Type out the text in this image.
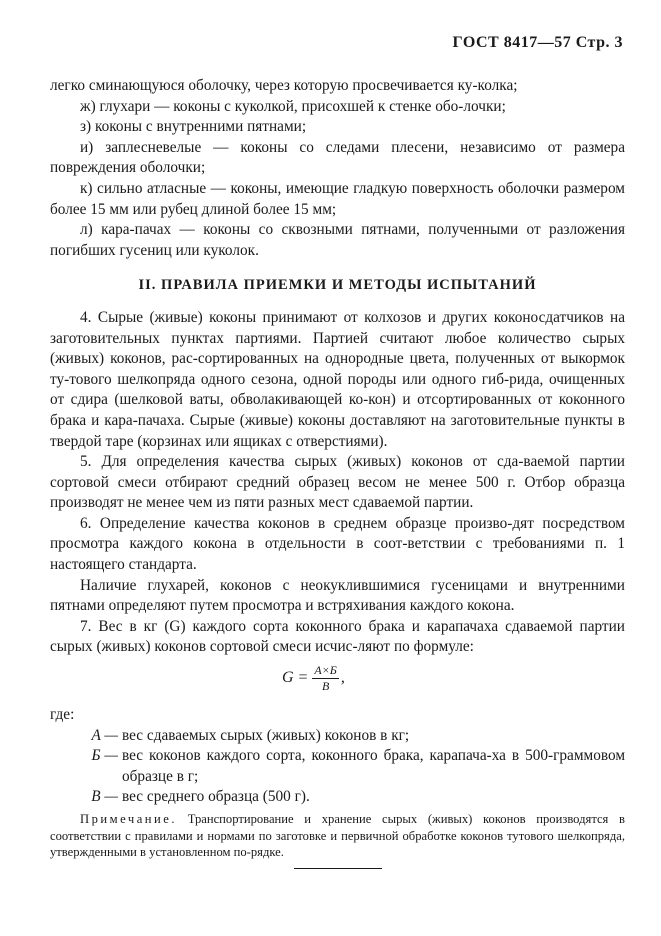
ГОСТ 8417—57 Стр. 3

легко сминающуюся оболочку, через которую просвечивается ку-колка;

ж) глухари — коконы с куколкой, присохшей к стенке обо-лочки;

з) коконы с внутренними пятнами;

и) заплесневелые — коконы со следами плесени, независимо от размера повреждения оболочки;

к) сильно атласные — коконы, имеющие гладкую поверхность оболочки размером более 15 мм или рубец длиной более 15 мм;

л) кара-пачах — коконы со сквозными пятнами, полученными от разложения погибших гусениц или куколок.

II. ПРАВИЛА ПРИЕМКИ И МЕТОДЫ ИСПЫТАНИЙ

4. Сырые (живые) коконы принимают от колхозов и других коконосдатчиков на заготовительных пунктах партиями. Партией считают любое количество сырых (живых) коконов, рас-сортированных на однородные цвета, полученных от выкормок ту-тового шелкопряда одного сезона, одной породы или одного гиб-рида, очищенных от сдира (шелковой ваты, обволакивающей ко-кон) и отсортированных от коконного брака и кара-пачаха. Сырые (живые) коконы доставляют на заготовительные пункты в твердой таре (корзинах или ящиках с отверстиями).

5. Для определения качества сырых (живых) коконов от сда-ваемой партии сортовой смеси отбирают средний образец весом не менее 500 г. Отбор образца производят не менее чем из пяти разных мест сдаваемой партии.

6. Определение качества коконов в среднем образце произво-дят посредством просмотра каждого кокона в отдельности в соот-ветствии с требованиями п. 1 настоящего стандарта.

Наличие глухарей, коконов с неокуклившимися гусеницами и внутренними пятнами определяют путем просмотра и встряхивания каждого кокона.

7. Вес в кг (G) каждого сорта коконного брака и карапачаха сдаваемой партии сырых (живых) коконов сортовой смеси исчис-ляют по формуле:

$G = \frac{A\times Б}{B}$ ,

где:

A — вес сдаваемых сырых (живых) коконов в кг;
Б — вес коконов каждого сорта, коконного брака, карапача-ха в 500-граммовом образце в г;
B — вес среднего образца (500 г).

Примечание. Транспортирование и хранение сырых (живых) коконов производятся в соответствии с правилами и нормами по заготовке и первичной обработке коконов тутового шелкопряда, утвержденными в установленном по-рядке.
